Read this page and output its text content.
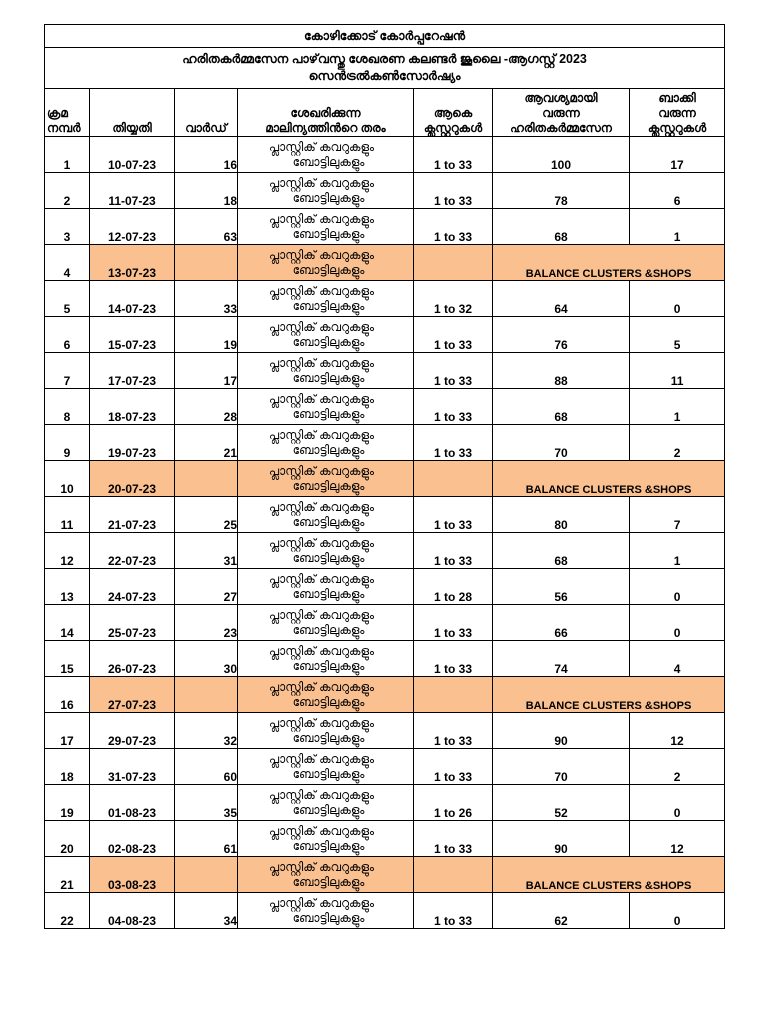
കോഴിക്കോട് കോർപ്പറേഷൻ						

ഹരിതകർമ്മസേന പാഴ്‌വസ്തു ശേഖരണ കലണ്ടർ ജൂലൈ -ആഗസ്റ്റ് 2023
സെൻട്രൽകൺസോർഷ്യം						

ക്രമ
നമ്പർ	തിയ്യതി	വാർഡ്	ശേഖരിക്കുന്ന
മാലിന്യത്തിൻറെ തരം	ആകെ
ക്ലസ്റ്ററുകൾ	ആവശ്യമായി
വരുന്ന
ഹരിതകർമ്മസേന	ബാക്കി
വരുന്ന
ക്ലസ്റ്ററുകൾ

1	10-07-23	16	പ്ലാസ്റ്റിക് കവറുകളും
ബോട്ടിലുകളും	1 to 33	100	17
2	11-07-23	18	പ്ലാസ്റ്റിക് കവറുകളും
ബോട്ടിലുകളും	1 to 33	78	6
3	12-07-23	63	പ്ലാസ്റ്റിക് കവറുകളും
ബോട്ടിലുകളും	1 to 33	68	1
4	13-07-23		പ്ലാസ്റ്റിക് കവറുകളും
ബോട്ടിലുകളും		BALANCE CLUSTERS &SHOPS	
5	14-07-23	33	പ്ലാസ്റ്റിക് കവറുകളും
ബോട്ടിലുകളും	1 to 32	64	0
6	15-07-23	19	പ്ലാസ്റ്റിക് കവറുകളും
ബോട്ടിലുകളും	1 to 33	76	5
7	17-07-23	17	പ്ലാസ്റ്റിക് കവറുകളും
ബോട്ടിലുകളും	1 to 33	88	11
8	18-07-23	28	പ്ലാസ്റ്റിക് കവറുകളും
ബോട്ടിലുകളും	1 to 33	68	1
9	19-07-23	21	പ്ലാസ്റ്റിക് കവറുകളും
ബോട്ടിലുകളും	1 to 33	70	2
10	20-07-23		പ്ലാസ്റ്റിക് കവറുകളും
ബോട്ടിലുകളും		BALANCE CLUSTERS &SHOPS	
11	21-07-23	25	പ്ലാസ്റ്റിക് കവറുകളും
ബോട്ടിലുകളും	1 to 33	80	7
12	22-07-23	31	പ്ലാസ്റ്റിക് കവറുകളും
ബോട്ടിലുകളും	1 to 33	68	1
13	24-07-23	27	പ്ലാസ്റ്റിക് കവറുകളും
ബോട്ടിലുകളും	1 to 28	56	0
14	25-07-23	23	പ്ലാസ്റ്റിക് കവറുകളും
ബോട്ടിലുകളും	1 to 33	66	0
15	26-07-23	30	പ്ലാസ്റ്റിക് കവറുകളും
ബോട്ടിലുകളും	1 to 33	74	4
16	27-07-23		പ്ലാസ്റ്റിക് കവറുകളും
ബോട്ടിലുകളും		BALANCE CLUSTERS &SHOPS	
17	29-07-23	32	പ്ലാസ്റ്റിക് കവറുകളും
ബോട്ടിലുകളും	1 to 33	90	12
18	31-07-23	60	പ്ലാസ്റ്റിക് കവറുകളും
ബോട്ടിലുകളും	1 to 33	70	2
19	01-08-23	35	പ്ലാസ്റ്റിക് കവറുകളും
ബോട്ടിലുകളും	1 to 26	52	0
20	02-08-23	61	പ്ലാസ്റ്റിക് കവറുകളും
ബോട്ടിലുകളും	1 to 33	90	12
21	03-08-23		പ്ലാസ്റ്റിക് കവറുകളും
ബോട്ടിലുകളും		BALANCE CLUSTERS &SHOPS	
22	04-08-23	34	പ്ലാസ്റ്റിക് കവറുകളും
ബോട്ടിലുകളും	1 to 33	62	0
